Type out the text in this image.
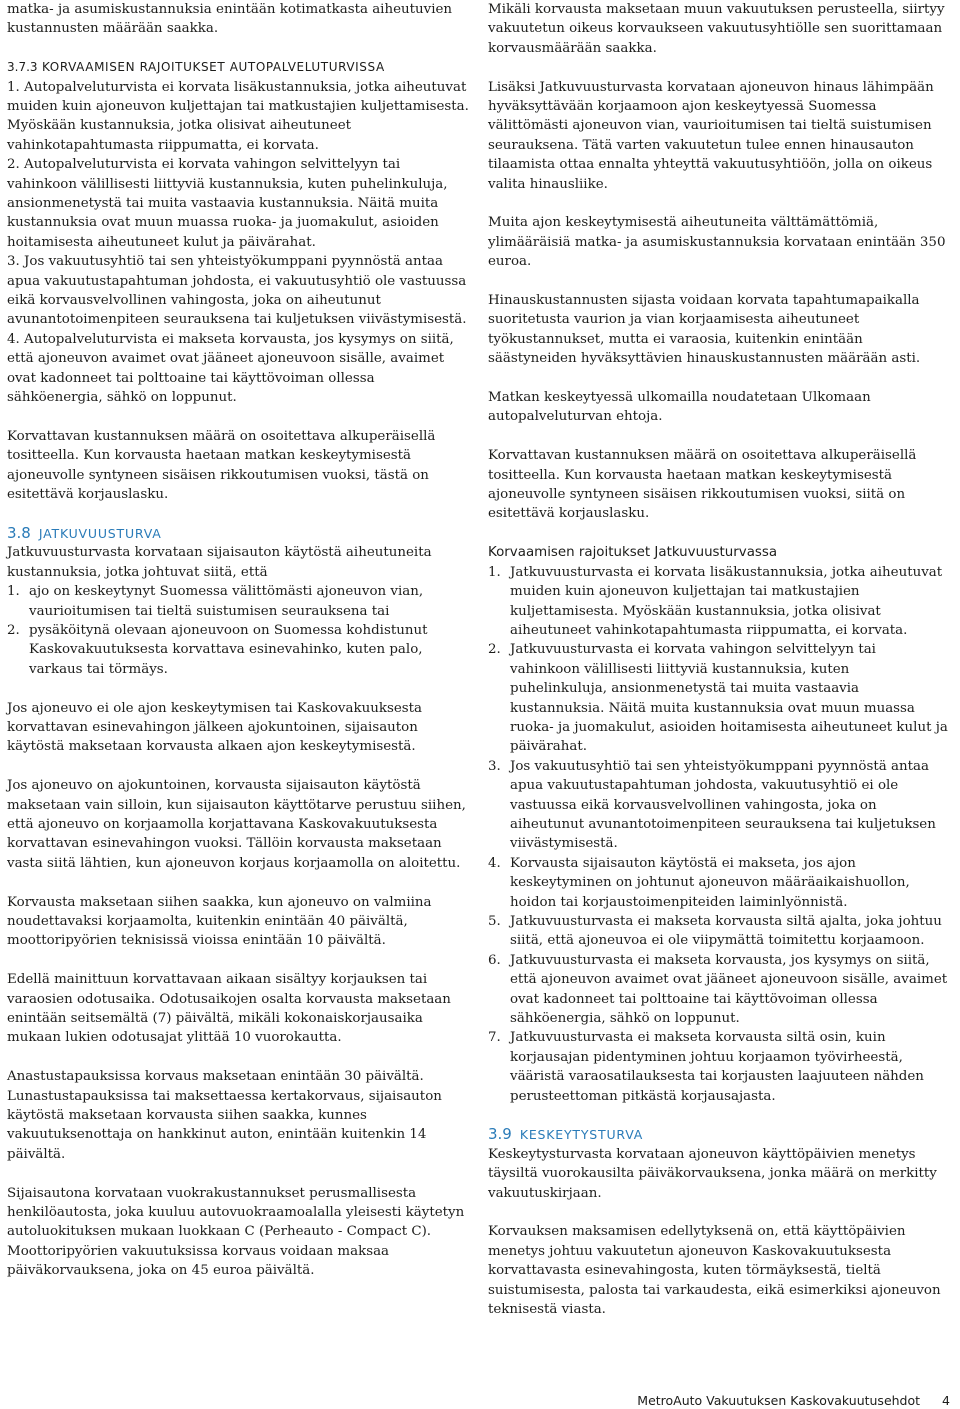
matka- ja asumiskustannuksia enintään kotimatkasta aiheutuvien kustannusten määrään saakka.

3.7.3 KORVAAMISEN RAJOITUKSET AUTOPALVELUTURVISSA

1. Autopalveluturvista ei korvata lisäkustannuksia, jotka aiheutuvat muiden kuin ajoneuvon kuljettajan tai matkustajien kuljettamisesta. Myöskään kustannuksia, jotka olisivat aiheutuneet vahinkotapahtumasta riippumatta, ei korvata.
2. Autopalveluturvista ei korvata vahingon selvittelyyn tai vahinkoon välillisesti liittyviä kustannuksia, kuten puhelinkuluja, ansionmenetystä tai muita vastaavia kustannuksia. Näitä muita kustannuksia ovat muun muassa ruoka- ja juomakulut, asioiden hoitamisesta aiheutuneet kulut ja päivärahat.
3. Jos vakuutusyhtiö tai sen yhteistyökumppani pyynnöstä antaa apua vakuutustapahtuman johdosta, ei vakuutusyhtiö ole vastuussa eikä korvausvelvollinen vahingosta, joka on aiheutunut avunantotoimenpiteen seurauksena tai kuljetuksen viivästymisestä.
4. Autopalveluturvista ei makseta korvausta, jos kysymys on siitä, että ajoneuvon avaimet ovat jääneet ajoneuvoon sisälle, avaimet ovat kadonneet tai polttoaine tai käyttövoiman ollessa sähköenergia, sähkö on loppunut.

Korvattavan kustannuksen määrä on osoitettava alkuperäisellä tositteella. Kun korvausta haetaan matkan keskeytymisestä ajoneuvolle syntyneen sisäisen rikkoutumisen vuoksi, tästä on esitettävä korjauslasku.

3.8 JATKUVUUSTURVA

Jatkuvuusturvasta korvataan sijaisauton käytöstä aiheutuneita kustannuksia, jotka johtuvat siitä, että

1. ajo on keskeytynyt Suomessa välittömästi ajoneuvon vian, vaurioitumisen tai tieltä suistumisen seurauksena tai
2. pysäköitynä olevaan ajoneuvoon on Suomessa kohdistunut Kaskovakuutuksesta korvattava esinevahinko, kuten palo, varkaus tai törmäys.

Jos ajoneuvo ei ole ajon keskeytymisen tai Kaskovakuuksesta korvattavan esinevahingon jälkeen ajokuntoinen, sijaisauton käytöstä maksetaan korvausta alkaen ajon keskeytymisestä.

Jos ajoneuvo on ajokuntoinen, korvausta sijaisauton käytöstä maksetaan vain silloin, kun sijaisauton käyttötarve perustuu siihen, että ajoneuvo on korjaamolla korjattavana Kaskovakuutuksesta korvattavan esinevahingon vuoksi. Tällöin korvausta maksetaan vasta siitä lähtien, kun ajoneuvon korjaus korjaamolla on aloitettu.

Korvausta maksetaan siihen saakka, kun ajoneuvo on valmiina noudettavaksi korjaamolta, kuitenkin enintään 40 päivältä, moottoripyörien teknisissä vioissa enintään 10 päivältä.

Edellä mainittuun korvattavaan aikaan sisältyy korjauksen tai varaosien odotusaika. Odotusaikojen osalta korvausta maksetaan enintään seitsemältä (7) päivältä, mikäli kokonaiskorjausaika mukaan lukien odotusajat ylittää 10 vuorokautta.

Anastustapauksissa korvaus maksetaan enintään 30 päivältä. Lunastustapauksissa tai maksettaessa kertakorvaus, sijaisauton käytöstä maksetaan korvausta siihen saakka, kunnes vakuutuksenottaja on hankkinut auton, enintään kuitenkin 14 päivältä.

Sijaisautona korvataan vuokrakustannukset perusmallisesta henkilöautosta, joka kuuluu autovuokraamoalalla yleisesti käytetyn autoluokituksen mukaan luokkaan C (Perheauto - Compact C). Moottoripyörien vakuutuksissa korvaus voidaan maksaa päiväkorvauksena, joka on 45 euroa päivältä.

Mikäli korvausta maksetaan muun vakuutuksen perusteella, siirtyy vakuutetun oikeus korvaukseen vakuutusyhtiölle sen suorittamaan korvausmäärään saakka.

Lisäksi Jatkuvuusturvasta korvataan ajoneuvon hinaus lähimpään hyväksyttävään korjaamoon ajon keskeytyessä Suomessa välittömästi ajoneuvon vian, vaurioitumisen tai tieltä suistumisen seurauksena. Tätä varten vakuutetun tulee ennen hinausauton tilaamista ottaa ennalta yhteyttä vakuutusyhtiöön, jolla on oikeus valita hinausliike.

Muita ajon keskeytymisestä aiheutuneita välttämättömiä, ylimääräisiä matka- ja asumiskustannuksia korvataan enintään 350 euroa.

Hinauskustannusten sijasta voidaan korvata tapahtumapaikalla suoritetusta vaurion ja vian korjaamisesta aiheutuneet työkustannukset, mutta ei varaosia, kuitenkin enintään säästyneiden hyväksyttävien hinauskustannusten määrään asti.

Matkan keskeytyessä ulkomailla noudatetaan Ulkomaan autopalveluturvan ehtoja.

Korvattavan kustannuksen määrä on osoitettava alkuperäisellä tositteella. Kun korvausta haetaan matkan keskeytymisestä ajoneuvolle syntyneen sisäisen rikkoutumisen vuoksi, siitä on esitettävä korjauslasku.

Korvaamisen rajoitukset Jatkuvuusturvassa

1. Jatkuvuusturvasta ei korvata lisäkustannuksia, jotka aiheutuvat muiden kuin ajoneuvon kuljettajan tai matkustajien kuljettamisesta. Myöskään kustannuksia, jotka olisivat aiheutuneet vahinkotapahtumasta riippumatta, ei korvata.
2. Jatkuvuusturvasta ei korvata vahingon selvittelyyn tai vahinkoon välillisesti liittyviä kustannuksia, kuten puhelinkuluja, ansionmenetystä tai muita vastaavia kustannuksia. Näitä muita kustannuksia ovat muun muassa ruoka- ja juomakulut, asioiden hoitamisesta aiheutuneet kulut ja päivärahat.
3. Jos vakuutusyhtiö tai sen yhteistyökumppani pyynnöstä antaa apua vakuutustapahtuman johdosta, vakuutusyhtiö ei ole vastuussa eikä korvausvelvollinen vahingosta, joka on aiheutunut avunantotoimenpiteen seurauksena tai kuljetuksen viivästymisestä.
4. Korvausta sijaisauton käytöstä ei makseta, jos ajon keskeytyminen on johtunut ajoneuvon määräaikaishuollon, hoidon tai korjaustoimenpiteiden laiminlyönnistä.
5. Jatkuvuusturvasta ei makseta korvausta siltä ajalta, joka johtuu siitä, että ajoneuvoa ei ole viipymättä toimitettu korjaamoon.
6. Jatkuvuusturvasta ei makseta korvausta, jos kysymys on siitä, että ajoneuvon avaimet ovat jääneet ajoneuvoon sisälle, avaimet ovat kadonneet tai polttoaine tai käyttövoiman ollessa sähköenergia, sähkö on loppunut.
7. Jatkuvuusturvasta ei makseta korvausta siltä osin, kuin korjausajan pidentyminen johtuu korjaamon työvirheestä, vääristä varaosatilauksesta tai korjausten laajuuteen nähden perusteettoman pitkästä korjausajasta.

3.9 KESKEYTYSTURVA

Keskeytysturvasta korvataan ajoneuvon käyttöpäivien menetys täysiltä vuorokausilta päiväkorvauksena, jonka määrä on merkitty vakuutuskirjaan.

Korvauksen maksamisen edellytyksenä on, että käyttöpäivien menetys johtuu vakuutetun ajoneuvon Kaskovakuutuksesta korvattavasta esinevahingosta, kuten törmäyksestä, tieltä suistumisesta, palosta tai varkaudesta, eikä esimerkiksi ajoneuvon teknisestä viasta.

MetroAuto Vakuutuksen Kaskovakuutusehdot 4
